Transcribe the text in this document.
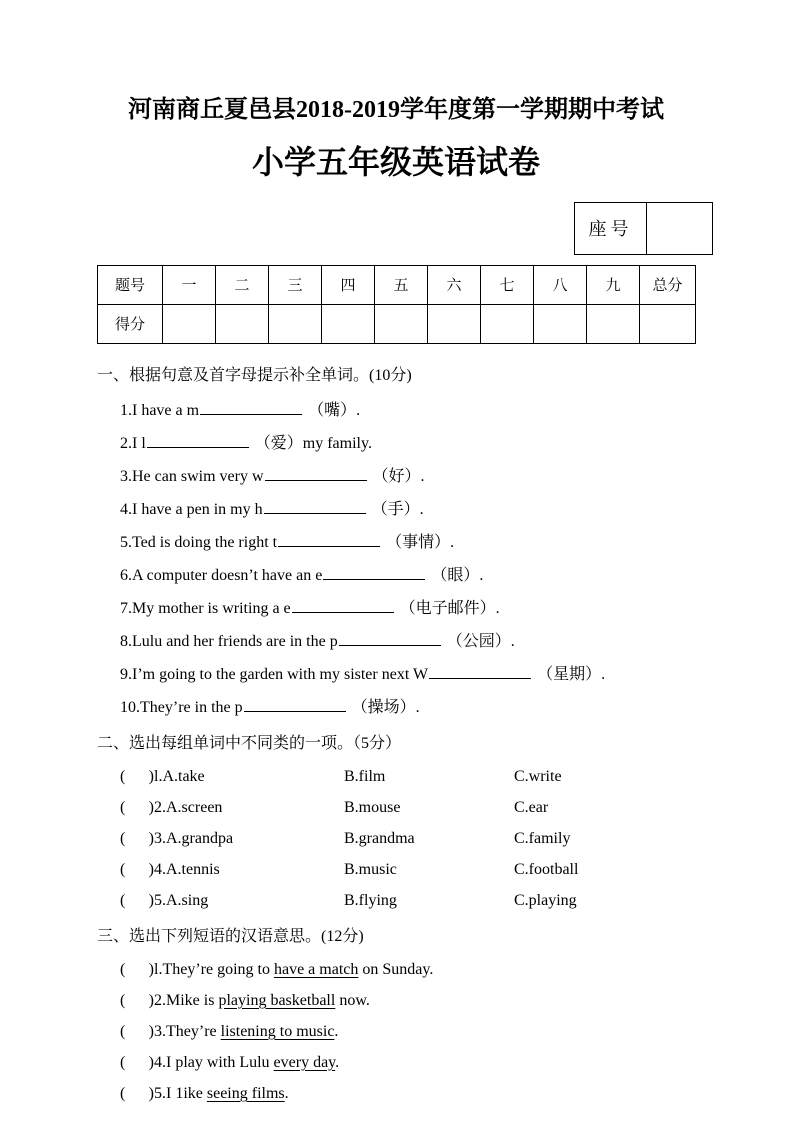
河南商丘夏邑县2018-2019学年度第一学期期中考试
小学五年级英语试卷
座号	
题号	一	二	三	四	五	六	七	八	九	总分
得分										
一、根据句意及首字母提示补全单词。(10分)
1.I have a m	（嘴）.
2.I l	（爱）my family.
3.He can swim very w	（好）.
4.I have a pen in my h	（手）.
5.Ted is doing the right t	（事情）.
6.A computer doesn’t have an e	（眼）.
7.My mother is writing a e	（电子邮件）.
8.Lulu and her friends are in the p	（公园）.
9.I’m going to the garden with my sister next W	（星期）.
10.They’re in the p	（操场）.
二、选出每组单词中不同类的一项。（5分）
( ) l.A.take	B.film	C.write
( ) 2.A.screen	B.mouse	C.ear
( ) 3.A.grandpa	B.grandma	C.family
( ) 4.A.tennis	B.music	C.football
( ) 5.A.sing	B.flying	C.playing
三、选出下列短语的汉语意思。(12分)
( ) l.They’re going to have a match on Sunday.
( ) 2.Mike is playing basketball now.
( ) 3.They’re listening to music.
( ) 4.I play with Lulu every day.
( ) 5.I 1ike seeing films.
